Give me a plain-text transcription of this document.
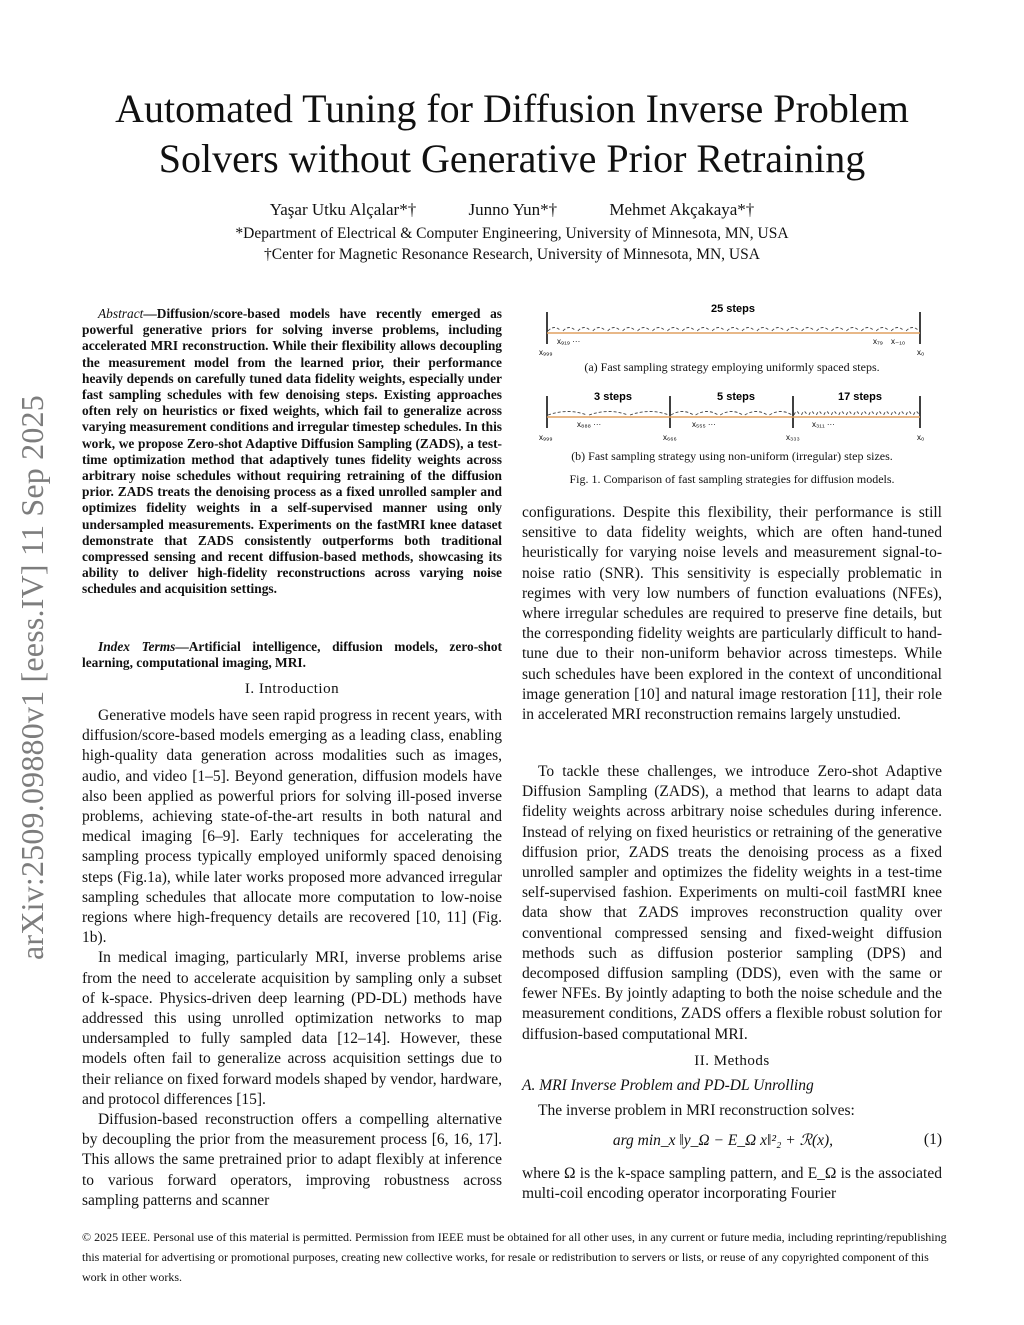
arXiv:2509.09880v1 [eess.IV] 11 Sep 2025
Automated Tuning for Diffusion Inverse Problem
Solvers without Generative Prior Retraining
Yaşar Utku Alçalar*†	Junno Yun*†	Mehmet Akçakaya*†
*Department of Electrical & Computer Engineering, University of Minnesota, MN, USA
†Center for Magnetic Resonance Research, University of Minnesota, MN, USA
Abstract—Diffusion/score-based models have recently emerged as powerful generative priors for solving inverse problems, including accelerated MRI reconstruction. While their flexibility allows decoupling the measurement model from the learned prior, their performance heavily depends on carefully tuned data fidelity weights, especially under fast sampling schedules with few denoising steps. Existing approaches often rely on heuristics or fixed weights, which fail to generalize across varying measurement conditions and irregular timestep schedules. In this work, we propose Zero-shot Adaptive Diffusion Sampling (ZADS), a test-time optimization method that adaptively tunes fidelity weights across arbitrary noise schedules without requiring retraining of the diffusion prior. ZADS treats the denoising process as a fixed unrolled sampler and optimizes fidelity weights in a self-supervised manner using only undersampled measurements. Experiments on the fastMRI knee dataset demonstrate that ZADS consistently outperforms both traditional compressed sensing and recent diffusion-based methods, showcasing its ability to deliver high-fidelity reconstructions across varying noise schedules and acquisition settings.
Index Terms—Artificial intelligence, diffusion models, zero-shot learning, computational imaging, MRI.
I. Introduction

Generative models have seen rapid progress in recent years, with diffusion/score-based models emerging as a leading class, enabling high-quality data generation across modalities such as images, audio, and video [1–5]. Beyond generation, diffusion models have also been applied as powerful priors for solving ill-posed inverse problems, achieving state-of-the-art results in both natural and medical imaging [6–9]. Early techniques for accelerating the sampling process typically employed uniformly spaced denoising steps (Fig.1a), while later works proposed more advanced irregular sampling schedules that allocate more computation to low-noise regions where high-frequency details are recovered [10, 11] (Fig. 1b).

In medical imaging, particularly MRI, inverse problems arise from the need to accelerate acquisition by sampling only a subset of k-space. Physics-driven deep learning (PD-DL) methods have addressed this using unrolled optimization networks to map undersampled to fully sampled data [12–14]. However, these models often fail to generalize across acquisition settings due to their reliance on fixed forward models shaped by vendor, hardware, and protocol differences [15].

Diffusion-based reconstruction offers a compelling alternative by decoupling the prior from the measurement process [6, 16, 17]. This allows the same pretrained prior to adapt flexibly at inference to various forward operators, improving robustness across sampling patterns and scanner

25 steps
x₉₉₉
x₉₁₉ ···	x₇₉ x₋₁₀
x₀
(a) Fast sampling strategy employing uniformly spaced steps.
3 steps	5 steps	17 steps
x₉₉₉
x₈₈₈ ···
x₆₆₆
x₅₅₅ ···
x₃₃₃
x₃₁₁ ···
x₀
(b) Fast sampling strategy using non-uniform (irregular) step sizes.
Fig. 1. Comparison of fast sampling strategies for diffusion models.

configurations. Despite this flexibility, their performance is still sensitive to data fidelity weights, which are often hand-tuned heuristically for varying noise levels and measurement signal-to-noise ratio (SNR). This sensitivity is especially problematic in regimes with very low numbers of function evaluations (NFEs), where irregular schedules are required to preserve fine details, but the corresponding fidelity weights are particularly difficult to hand-tune due to their non-uniform behavior across timesteps. While such schedules have been explored in the context of unconditional image generation [10] and natural image restoration [11], their role in accelerated MRI reconstruction remains largely unstudied.

To tackle these challenges, we introduce Zero-shot Adaptive Diffusion Sampling (ZADS), a method that learns to adapt data fidelity weights across arbitrary noise schedules during inference. Instead of relying on fixed heuristics or retraining of the generative diffusion prior, ZADS treats the denoising process as a fixed unrolled sampler and optimizes the fidelity weights in a test-time self-supervised fashion. Experiments on multi-coil fastMRI knee data show that ZADS improves reconstruction quality over conventional compressed sensing and fixed-weight diffusion methods such as diffusion posterior sampling (DPS) and decomposed diffusion sampling (DDS), even with the same or fewer NFEs. By jointly adapting to both the noise schedule and the measurement conditions, ZADS offers a flexible robust solution for diffusion-based computational MRI.

II. Methods
A. MRI Inverse Problem and PD-DL Unrolling

The inverse problem in MRI reconstruction solves:

arg min_x ‖y_Ω − E_Ω x‖²₂ + ℛ(x),	(1)

where Ω is the k-space sampling pattern, and E_Ω is the associated multi-coil encoding operator incorporating Fourier

© 2025 IEEE. Personal use of this material is permitted. Permission from IEEE must be obtained for all other uses, in any current or future media, including reprinting/republishing this material for advertising or promotional purposes, creating new collective works, for resale or redistribution to servers or lists, or reuse of any copyrighted component of this work in other works.
